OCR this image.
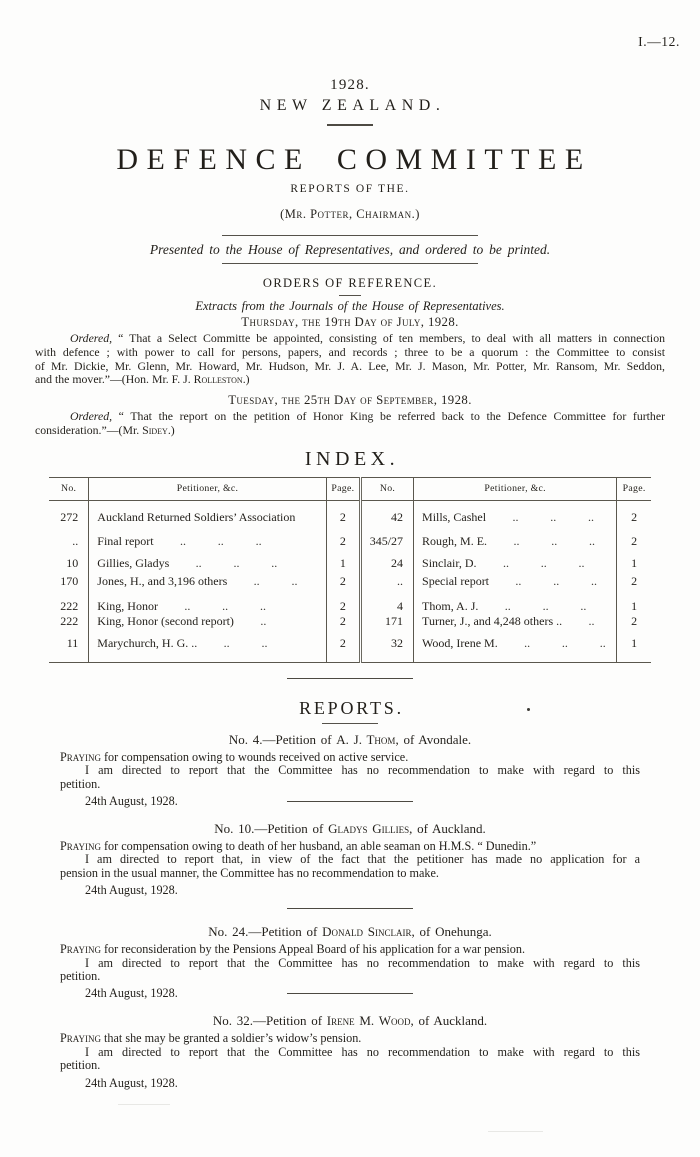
I.—12.
1928.
NEW ZEALAND.
DEFENCE COMMITTEE
REPORTS OF THE.
(Mr. Potter, Chairman.)
Presented to the House of Representatives, and ordered to be printed.
ORDERS OF REFERENCE.
Extracts from the Journals of the House of Representatives.
Thursday, the 19th Day of July, 1928.
Ordered, “ That a Select Committe be appointed, consisting of ten members, to deal with all matters in connection
with defence ; with power to call for persons, papers, and records ; three to be a quorum : the Committee to consist
of Mr. Dickie, Mr. Glenn, Mr. Howard, Mr. Hudson, Mr. J. A. Lee, Mr. J. Mason, Mr. Potter, Mr. Ransom, Mr. Seddon,
and the mover.”—(Hon. Mr. F. J. Rolleston.)
Tuesday, the 25th Day of September, 1928.
Ordered, “ That the report on the petition of Honor King be referred back to the Defence Committee for further
consideration.”—(Mr. Sidey.)
INDEX.
No.	Petitioner, &c.	Page.	No.	Petitioner, &c.	Page.
272	Auckland Returned Soldiers’ Association	2	42	Mills, Cashel .. .. ..	2
..	Final report .. .. ..	2	345/27	Rough, M. E. .. .. ..	2
10	Gillies, Gladys .. .. ..	1	24	Sinclair, D. .. .. ..	1
170	Jones, H., and 3,196 others .. ..	2	..	Special report .. .. ..	2
222	King, Honor .. .. ..	2	4	Thom, A. J. .. .. ..	1
222	King, Honor (second report) ..	2	171	Turner, J., and 4,248 others .. ..	2
11	Marychurch, H. G. .. .. ..	2	32	Wood, Irene M. .. .. ..	1
REPORTS.
No. 4.—Petition of A. J. Thom, of Avondale.
Praying for compensation owing to wounds received on active service.
I am directed to report that the Committee has no recommendation to make with regard to this
petition.
24th August, 1928.
No. 10.—Petition of Gladys Gillies, of Auckland.
Praying for compensation owing to death of her husband, an able seaman on H.M.S. “ Dunedin.”
I am directed to report that, in view of the fact that the petitioner has made no application for a
pension in the usual manner, the Committee has no recommendation to make.
24th August, 1928.
No. 24.—Petition of Donald Sinclair, of Onehunga.
Praying for reconsideration by the Pensions Appeal Board of his application for a war pension.
I am directed to report that the Committee has no recommendation to make with regard to this
petition.
24th August, 1928.
No. 32.—Petition of Irene M. Wood, of Auckland.
Praying that she may be granted a soldier’s widow’s pension.
I am directed to report that the Committee has no recommendation to make with regard to this
petition.
24th August, 1928.
